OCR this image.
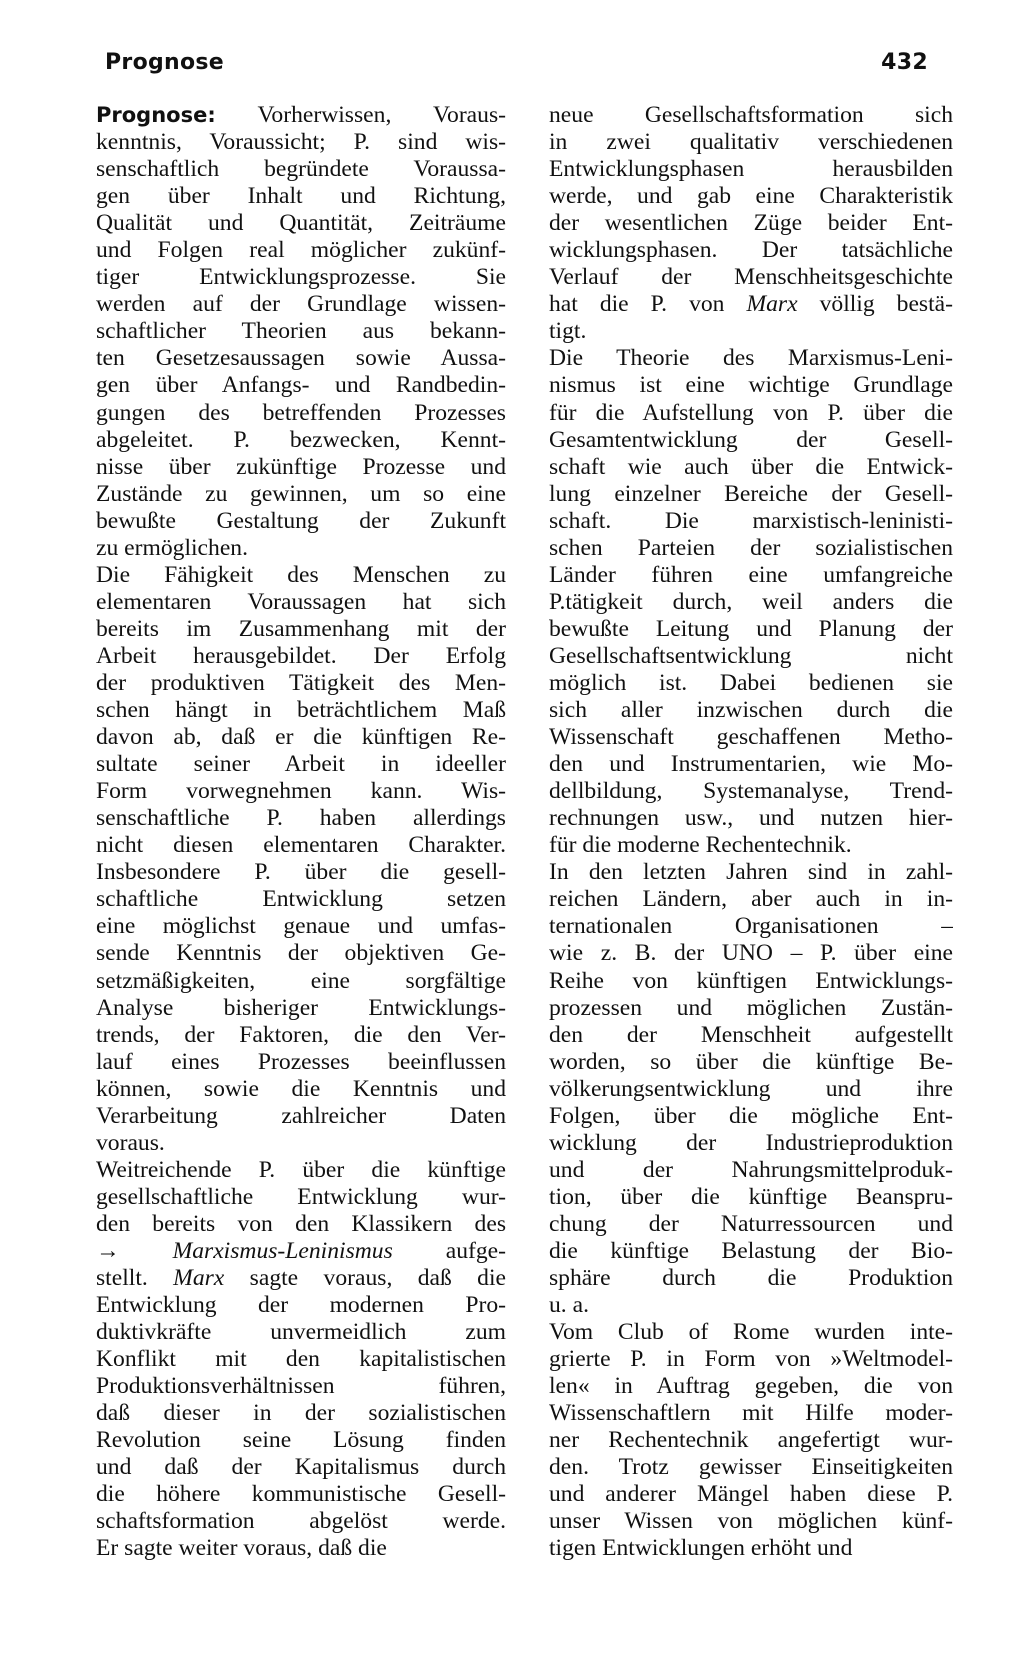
Prognose	432
Prognose: Vorherwissen, Voraus-
kenntnis, Voraussicht; P. sind wis-
senschaftlich begründete Voraussa-
gen über Inhalt und Richtung,
Qualität und Quantität, Zeiträume
und Folgen real möglicher zukünf-
tiger Entwicklungsprozesse. Sie
werden auf der Grundlage wissen-
schaftlicher Theorien aus bekann-
ten Gesetzesaussagen sowie Aussa-
gen über Anfangs- und Randbedin-
gungen des betreffenden Prozesses
abgeleitet. P. bezwecken, Kennt-
nisse über zukünftige Prozesse und
Zustände zu gewinnen, um so eine
bewußte Gestaltung der Zukunft
zu ermöglichen.
Die Fähigkeit des Menschen zu
elementaren Voraussagen hat sich
bereits im Zusammenhang mit der
Arbeit herausgebildet. Der Erfolg
der produktiven Tätigkeit des Men-
schen hängt in beträchtlichem Maß
davon ab, daß er die künftigen Re-
sultate seiner Arbeit in ideeller
Form vorwegnehmen kann. Wis-
senschaftliche P. haben allerdings
nicht diesen elementaren Charakter.
Insbesondere P. über die gesell-
schaftliche Entwicklung setzen
eine möglichst genaue und umfas-
sende Kenntnis der objektiven Ge-
setzmäßigkeiten, eine sorgfältige
Analyse bisheriger Entwicklungs-
trends, der Faktoren, die den Ver-
lauf eines Prozesses beeinflussen
können, sowie die Kenntnis und
Verarbeitung zahlreicher Daten
voraus.
Weitreichende P. über die künftige
gesellschaftliche Entwicklung wur-
den bereits von den Klassikern des
→ Marxismus-Leninismus aufge-
stellt. Marx sagte voraus, daß die
Entwicklung der modernen Pro-
duktivkräfte unvermeidlich zum
Konflikt mit den kapitalistischen
Produktionsverhältnissen führen,
daß dieser in der sozialistischen
Revolution seine Lösung finden
und daß der Kapitalismus durch
die höhere kommunistische Gesell-
schaftsformation abgelöst werde.
Er sagte weiter voraus, daß die
neue Gesellschaftsformation sich
in zwei qualitativ verschiedenen
Entwicklungsphasen herausbilden
werde, und gab eine Charakteristik
der wesentlichen Züge beider Ent-
wicklungsphasen. Der tatsächliche
Verlauf der Menschheitsgeschichte
hat die P. von Marx völlig bestä-
tigt.
Die Theorie des Marxismus-Leni-
nismus ist eine wichtige Grundlage
für die Aufstellung von P. über die
Gesamtentwicklung der Gesell-
schaft wie auch über die Entwick-
lung einzelner Bereiche der Gesell-
schaft. Die marxistisch-leninisti-
schen Parteien der sozialistischen
Länder führen eine umfangreiche
P.tätigkeit durch, weil anders die
bewußte Leitung und Planung der
Gesellschaftsentwicklung nicht
möglich ist. Dabei bedienen sie
sich aller inzwischen durch die
Wissenschaft geschaffenen Metho-
den und Instrumentarien, wie Mo-
dellbildung, Systemanalyse, Trend-
rechnungen usw., und nutzen hier-
für die moderne Rechentechnik.
In den letzten Jahren sind in zahl-
reichen Ländern, aber auch in in-
ternationalen Organisationen –
wie z. B. der UNO – P. über eine
Reihe von künftigen Entwicklungs-
prozessen und möglichen Zustän-
den der Menschheit aufgestellt
worden, so über die künftige Be-
völkerungsentwicklung und ihre
Folgen, über die mögliche Ent-
wicklung der Industrieproduktion
und der Nahrungsmittelproduk-
tion, über die künftige Beanspru-
chung der Naturressourcen und
die künftige Belastung der Bio-
sphäre durch die Produktion
u. a.
Vom Club of Rome wurden inte-
grierte P. in Form von »Weltmodel-
len« in Auftrag gegeben, die von
Wissenschaftlern mit Hilfe moder-
ner Rechentechnik angefertigt wur-
den. Trotz gewisser Einseitigkeiten
und anderer Mängel haben diese P.
unser Wissen von möglichen künf-
tigen Entwicklungen erhöht und
